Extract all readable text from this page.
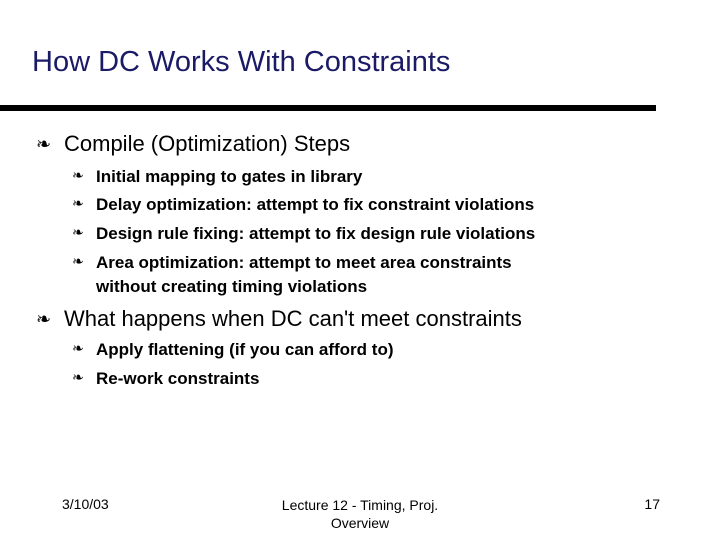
How DC Works With Constraints
❧ Compile (Optimization) Steps
❧ Initial mapping to gates in library
❧ Delay optimization: attempt to fix constraint violations
❧ Design rule fixing: attempt to fix design rule violations
❧ Area optimization: attempt to meet area constraints
without creating timing violations
❧ What happens when DC can't meet constraints
❧ Apply flattening (if you can afford to)
❧ Re-work constraints
3/10/03	Lecture 12 - Timing, Proj.
Overview
17
